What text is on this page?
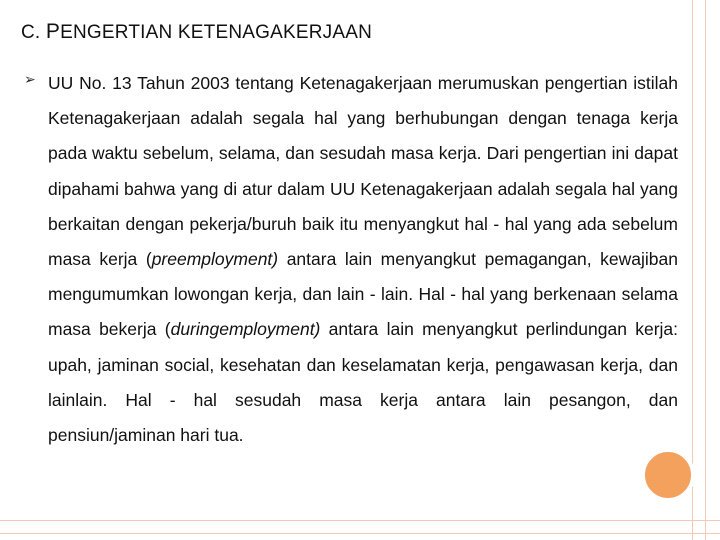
C. PENGERTIAN KETENAGAKERJAAN
➢ UU No. 13 Tahun 2003 tentang Ketenagakerjaan merumuskan pengertian istilah Ketenagakerjaan adalah segala hal yang berhubungan dengan tenaga kerja pada waktu sebelum, selama, dan sesudah masa kerja. Dari pengertian ini dapat dipahami bahwa yang di atur dalam UU Ketenagakerjaan adalah segala hal yang berkaitan dengan pekerja/buruh baik itu menyangkut hal - hal yang ada sebelum masa kerja (preemployment) antara lain menyangkut pemagangan, kewajiban mengumumkan lowongan kerja, dan lain - lain. Hal - hal yang berkenaan selama masa bekerja (duringemployment) antara lain menyangkut perlindungan kerja: upah, jaminan social, kesehatan dan keselamatan kerja, pengawasan kerja, dan lainlain. Hal - hal sesudah masa kerja antara lain pesangon, dan pensiun/jaminan hari tua.
